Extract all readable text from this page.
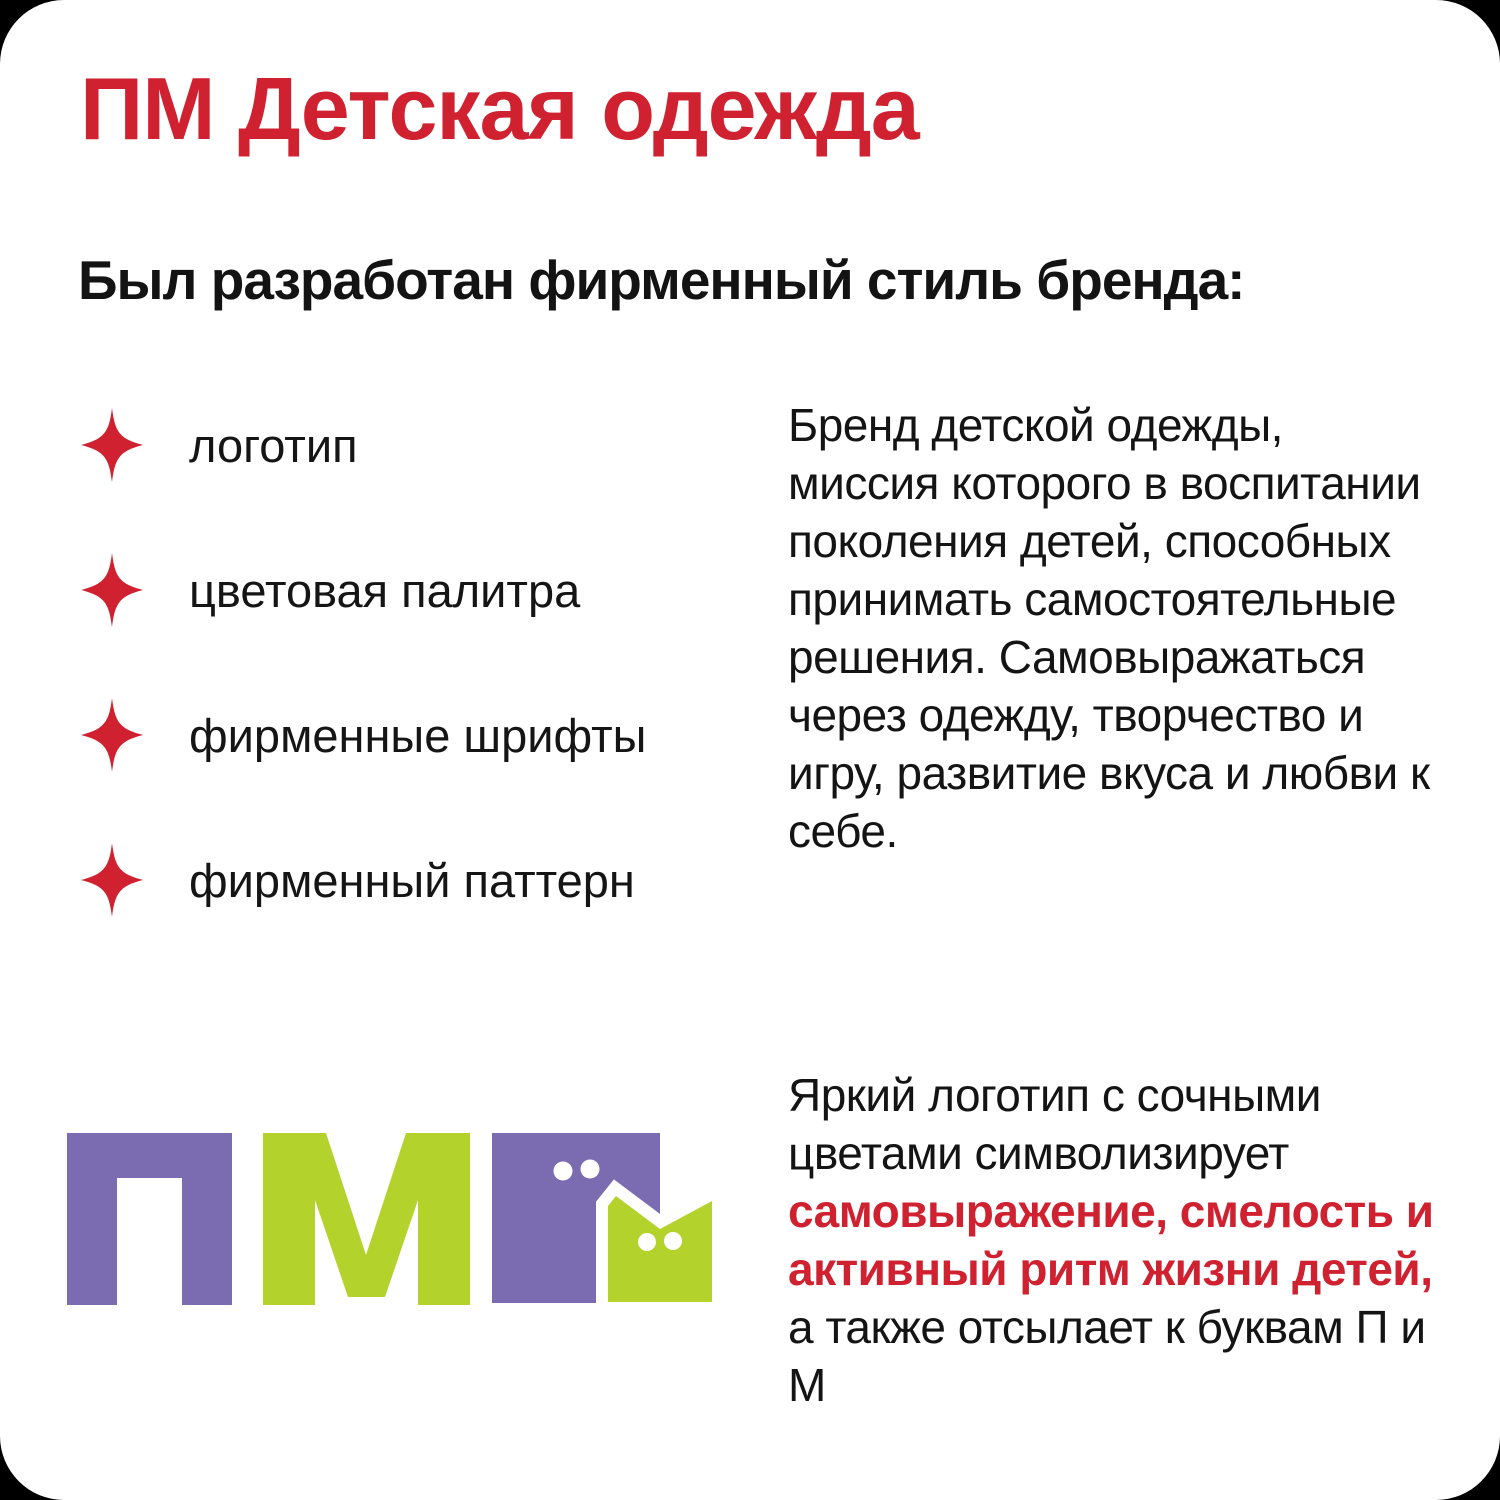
ПМ Детская одежда
Был разработан фирменный стиль бренда:
логотип
цветовая палитра
фирменные шрифты
фирменный паттерн

Бренд детской одежды, миссия которого в воспитании поколения детей, способных принимать самостоятельные решения. Самовыражаться через одежду, творчество и игру, развитие вкуса и любви к себе.

Яркий логотип с сочными цветами символизирует самовыражение, смелость и активный ритм жизни детей, а также отсылает к буквам П и М
